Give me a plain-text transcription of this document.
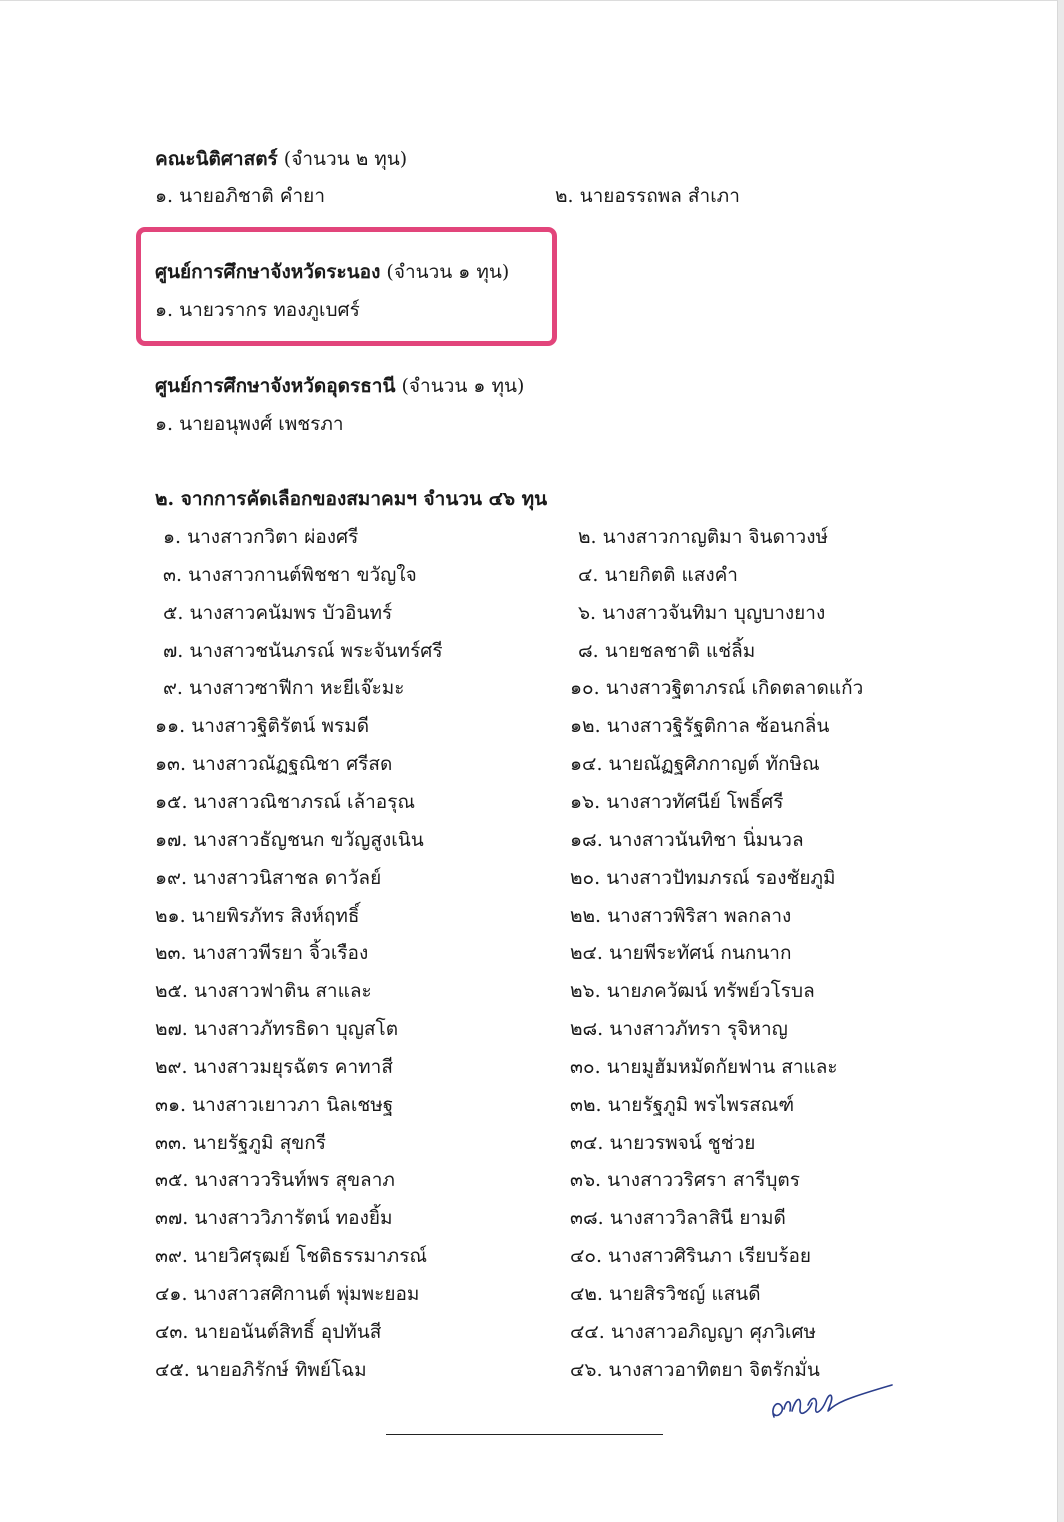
คณะนิติศาสตร์ (จำนวน ๒ ทุน)
๑. นายอภิชาติ คำยา	๒. นายอรรถพล สำเภา
ศูนย์การศึกษาจังหวัดระนอง (จำนวน ๑ ทุน)
๑. นายวรากร ทองภูเบศร์
ศูนย์การศึกษาจังหวัดอุดรธานี (จำนวน ๑ ทุน)
๑. นายอนุพงศ์ เพชรภา
๒. จากการคัดเลือกของสมาคมฯ จำนวน ๔๖ ทุน
๑. นางสาวกวิตา ผ่องศรี
๓. นางสาวกานต์พิชชา ขวัญใจ
๕. นางสาวคนัมพร บัวอินทร์
๗. นางสาวชนันภรณ์ พระจันทร์ศรี
๙. นางสาวซาฟีกา หะยีเจ๊ะมะ
๑๑. นางสาวฐิติรัตน์ พรมดี
๑๓. นางสาวณัฏฐณิชา ศรีสด
๑๕. นางสาวณิชาภรณ์ เล้าอรุณ
๑๗. นางสาวธัญชนก ขวัญสูงเนิน
๑๙. นางสาวนิสาชล ดาวัลย์
๒๑. นายพิรภัทร สิงห์ฤทธิ์
๒๓. นางสาวพีรยา จิ้วเรือง
๒๕. นางสาวฟาติน สาและ
๒๗. นางสาวภัทรธิดา บุญสโต
๒๙. นางสาวมยุรฉัตร คาทาสี
๓๑. นางสาวเยาวภา นิลเชษฐ
๓๓. นายรัฐภูมิ สุขกรี
๓๕. นางสาววรินท์พร สุขลาภ
๓๗. นางสาววิภารัตน์ ทองยิ้ม
๓๙. นายวิศรุฒย์ โชติธรรมาภรณ์
๔๑. นางสาวสศิกานต์ พุ่มพะยอม
๔๓. นายอนันต์สิทธิ์ อุปทันสี
๔๕. นายอภิรักษ์ ทิพย์โฉม
๒. นางสาวกาญติมา จินดาวงษ์
๔. นายกิตติ แสงคำ
๖. นางสาวจันทิมา บุญบางยาง
๘. นายชลชาติ แช่ลิ้ม
๑๐. นางสาวฐิตาภรณ์ เกิดตลาดแก้ว
๑๒. นางสาวฐิรัฐติกาล ซ้อนกลิ่น
๑๔. นายณัฏฐศิภกาญต์ ทักษิณ
๑๖. นางสาวทัศนีย์ โพธิ์ศรี
๑๘. นางสาวนันทิชา นิ่มนวล
๒๐. นางสาวปัทมภรณ์ รองชัยภูมิ
๒๒. นางสาวพิริสา พลกลาง
๒๔. นายพีระทัศน์ กนกนาก
๒๖. นายภควัฒน์ ทรัพย์วโรบล
๒๘. นางสาวภัทรา รุจิหาญ
๓๐. นายมูฮัมหมัดกัยฟาน สาและ
๓๒. นายรัฐภูมิ พรไพรสณฑ์
๓๔. นายวรพจน์ ชูช่วย
๓๖. นางสาววริศรา สารีบุตร
๓๘. นางสาววิลาสินี ยามดี
๔๐. นางสาวศิรินภา เรียบร้อย
๔๒. นายสิรวิชญ์ แสนดี
๔๔. นางสาวอภิญญา ศุภวิเศษ
๔๖. นางสาวอาทิตยา จิตรักมั่น
